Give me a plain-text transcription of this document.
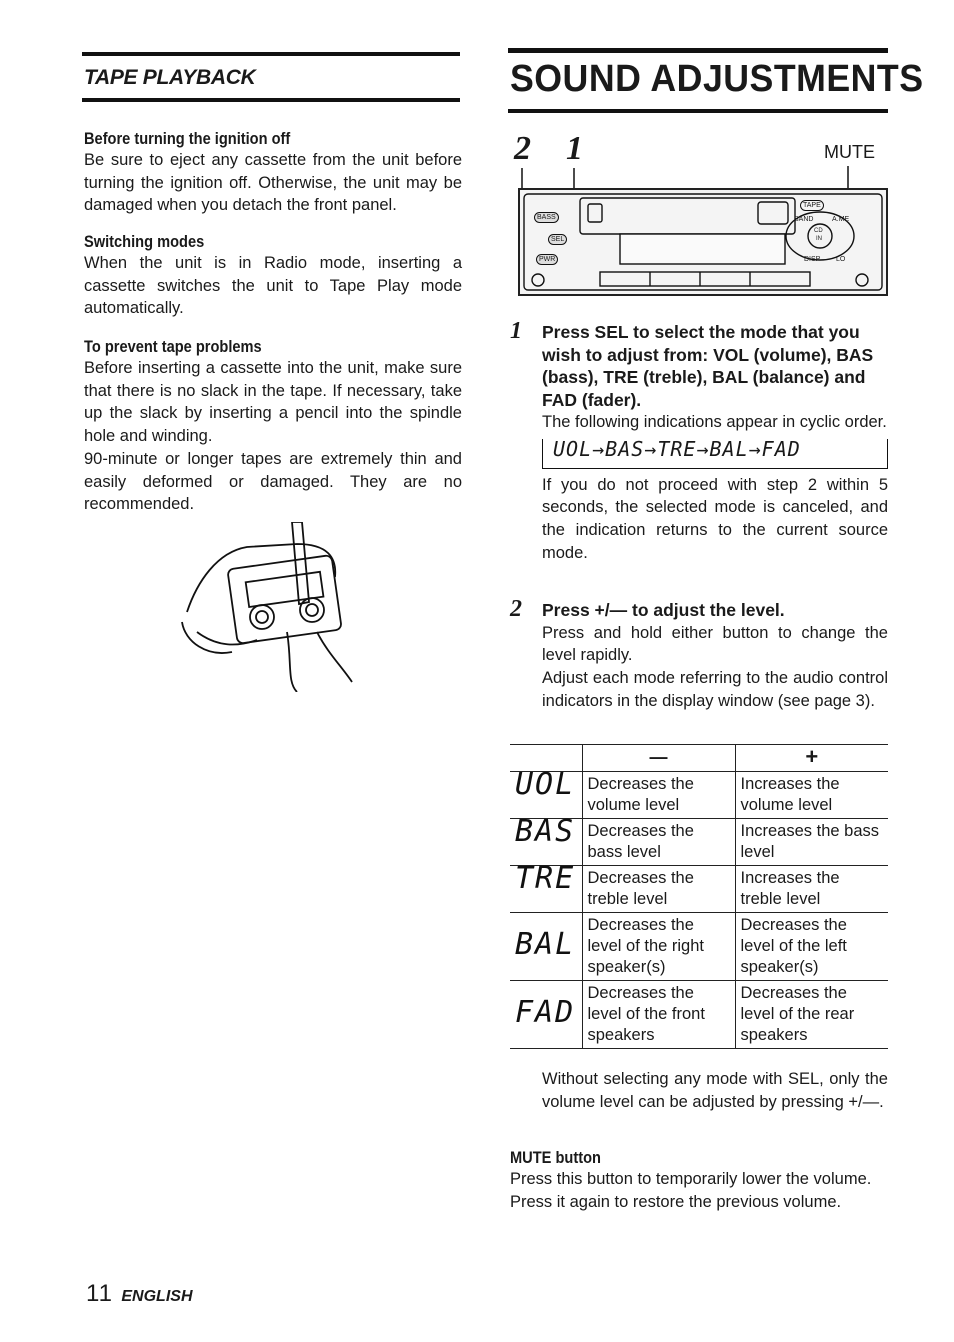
TAPE PLAYBACK
Before turning the ignition off

Be sure to eject any cassette from the unit before turning the ignition off. Otherwise, the unit may be damaged when you detach the front panel.

Switching modes

When the unit is in Radio mode, inserting a cassette switches the unit to Tape Play mode automatically.

To prevent tape problems

Before inserting a cassette into the unit, make sure that there is no slack in the tape. If necessary, take up the slack by inserting a pencil into the spindle hole and winding.

90-minute or longer tapes are extremely thin and easily deformed or damaged. They are no recommended.

SOUND ADJUSTMENTS
2 1	MUTE
BASS
SEL
PWR
TAPE
BAND	A.ME
CD
IN
DISP LO
1 Press SEL to select the mode that you wish to adjust from: VOL (volume), BAS (bass), TRE (treble), BAL (balance) and FAD (fader).

The following indications appear in cyclic order.

UOL→BAS→TRE→BAL→FAD

If you do not proceed with step 2 within 5 seconds, the selected mode is canceled, and the indication returns to the current source mode.

2 Press +/— to adjust the level.

Press and hold either button to change the level rapidly.

Adjust each mode referring to the audio control indicators in the display window (see page 3).

	—	+
UOL	Decreases the volume level	Increases the volume level
BAS	Decreases the bass level	Increases the bass level
TRE	Decreases the treble level	Increases the treble level
BAL	Decreases the level of the right speaker(s)	Decreases the level of the left speaker(s)
FAD	Decreases the level of the front speakers	Decreases the level of the rear speakers

Without selecting any mode with SEL, only the volume level can be adjusted by pressing +/—.

MUTE button

Press this button to temporarily lower the volume. Press it again to restore the previous volume.

11 ENGLISH
